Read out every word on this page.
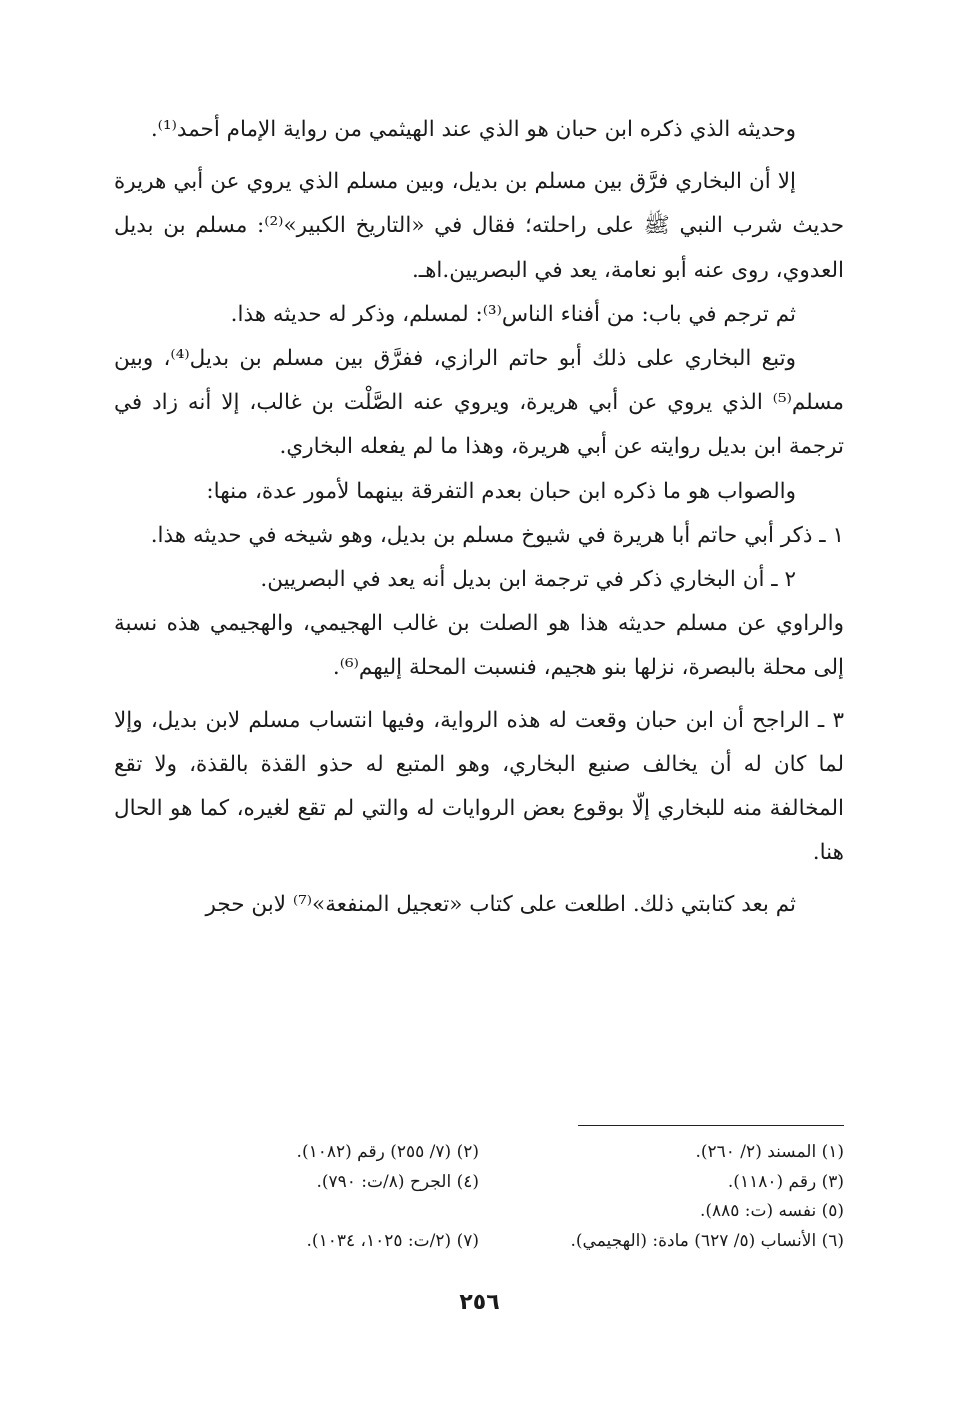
وحديثه الذي ذكره ابن حبان هو الذي عند الهيثمي من رواية الإمام أحمد⁽¹⁾.

إلا أن البخاري فرَّق بين مسلم بن بديل، وبين مسلم الذي يروي عن أبي هريرة حديث شرب النبي ﷺ على راحلته؛ فقال في «التاريخ الكبير»⁽²⁾: مسلم بن بديل العدوي، روى عنه أبو نعامة، يعد في البصريين.اهـ.

ثم ترجم في باب: من أفناء الناس⁽³⁾: لمسلم، وذكر له حديثه هذا.

وتبع البخاري على ذلك أبو حاتم الرازي، ففرَّق بين مسلم بن بديل⁽⁴⁾، وبين مسلم⁽⁵⁾ الذي يروي عن أبي هريرة، ويروي عنه الصَّلْت بن غالب، إلا أنه زاد في ترجمة ابن بديل روايته عن أبي هريرة، وهذا ما لم يفعله البخاري.

والصواب هو ما ذكره ابن حبان بعدم التفرقة بينهما لأمور عدة، منها:

١ ـ ذكر أبي حاتم أبا هريرة في شيوخ مسلم بن بديل، وهو شيخه في حديثه هذا.

٢ ـ أن البخاري ذكر في ترجمة ابن بديل أنه يعد في البصريين.

والراوي عن مسلم حديثه هذا هو الصلت بن غالب الهجيمي، والهجيمي هذه نسبة إلى محلة بالبصرة، نزلها بنو هجيم، فنسبت المحلة إليهم⁽⁶⁾.

٣ ـ الراجح أن ابن حبان وقعت له هذه الرواية، وفيها انتساب مسلم لابن بديل، وإلا لما كان له أن يخالف صنيع البخاري، وهو المتبع له حذو القذة بالقذة، ولا تقع المخالفة منه للبخاري إلّا بوقوع بعض الروايات له والتي لم تقع لغيره، كما هو الحال هنا.

ثم بعد كتابتي ذلك. اطلعت على كتاب «تعجيل المنفعة»⁽⁷⁾ لابن حجر

(١) المسند (٢/ ٢٦٠).
(٢) (٧/ ٢٥٥) رقم (١٠٨٢).
(٣) رقم (١١٨٠).
(٤) الجرح (٨/ت: ٧٩٠).
(٥) نفسه (ت: ٨٨٥).
(٦) الأنساب (٥/ ٦٢٧) مادة: (الهجيمي).
(٧) (٢/ت: ١٠٢٥، ١٠٣٤).
٢٥٦
